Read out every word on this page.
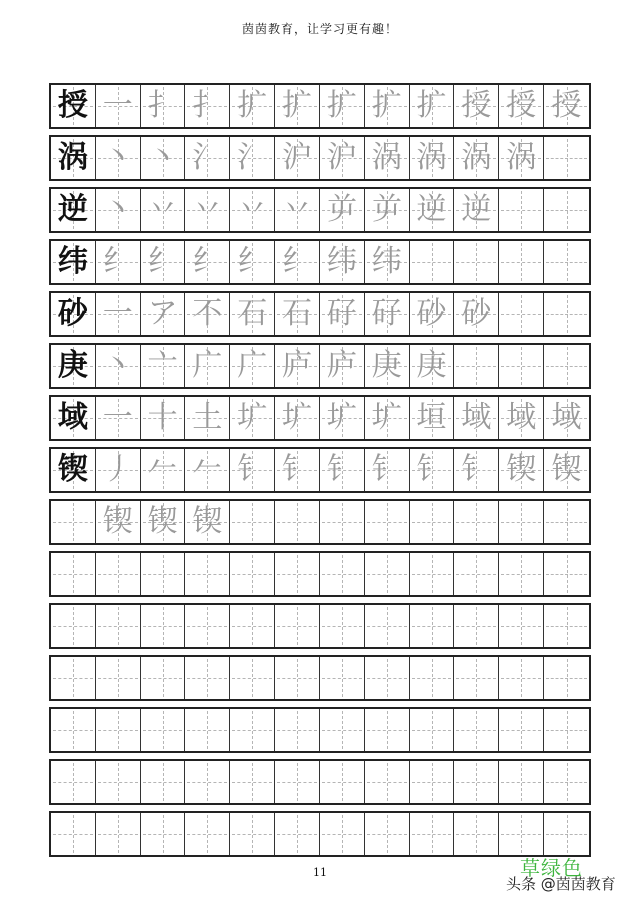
茵茵教育，让学习更有趣！
授 一 扌 扌 扩 扩 扩 扩 扩 授 授 授
涡 丶 丶 氵 氵 沪 沪 涡 涡 涡 涡
逆 丶 丷 丷 丷 丷 屰 屰 逆 逆
纬 纟 纟 纟 纟 纟 纬 纬
砂 一 ア 不 石 石 矷 矷 砂 砂
庚 丶 亠 广 广 庐 庐 庚 庚
域 一 十 土 圹 圹 圹 圹 垣 域 域 域
锲 丿 𠂉 𠂉 钅 钅 钅 钅 钅 钅 锲 锲
锲 锲 锲
11	草绿色
头条 @茵茵教育
